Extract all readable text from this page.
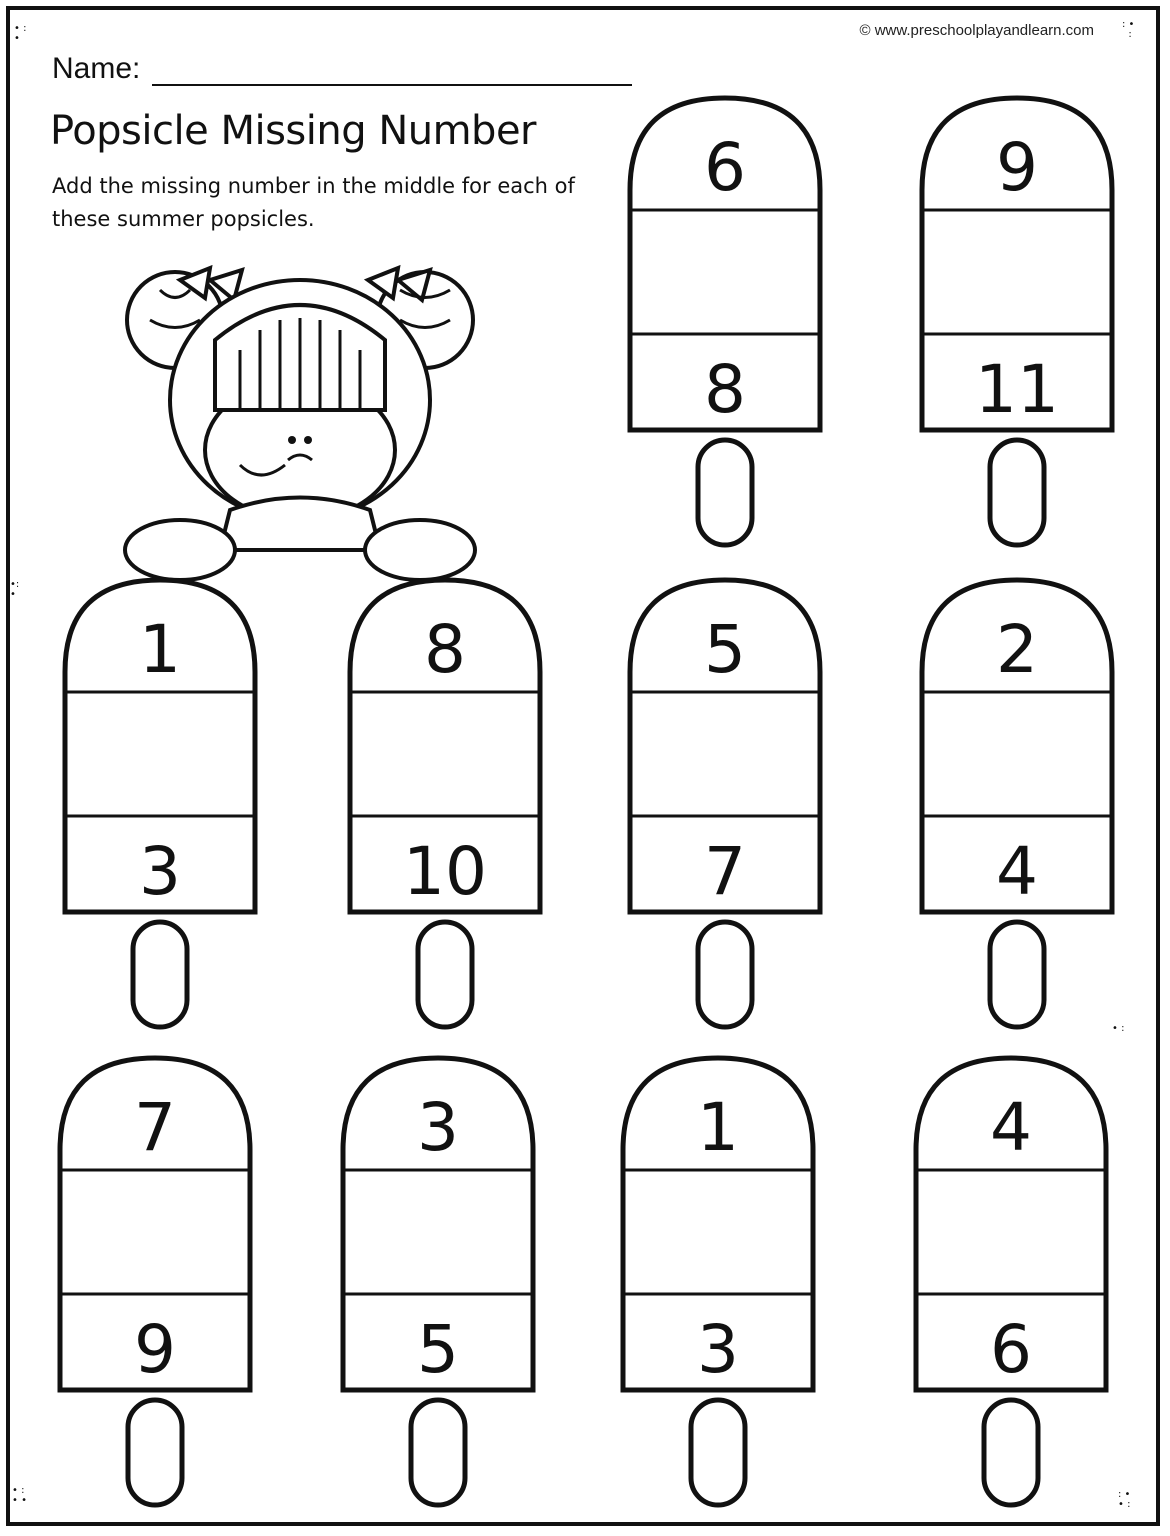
© www.preschoolplayandlearn.com
Name:
Popsicle Missing Number
Add the missing number in the middle for each of these summer popsicles.
• :
•
: •
:
•:
•
• :
• :
• •
: •
• :
6
8
9
11
1
3
8
10
5
7
2
4
7
9
3
5
1
3
4
6
